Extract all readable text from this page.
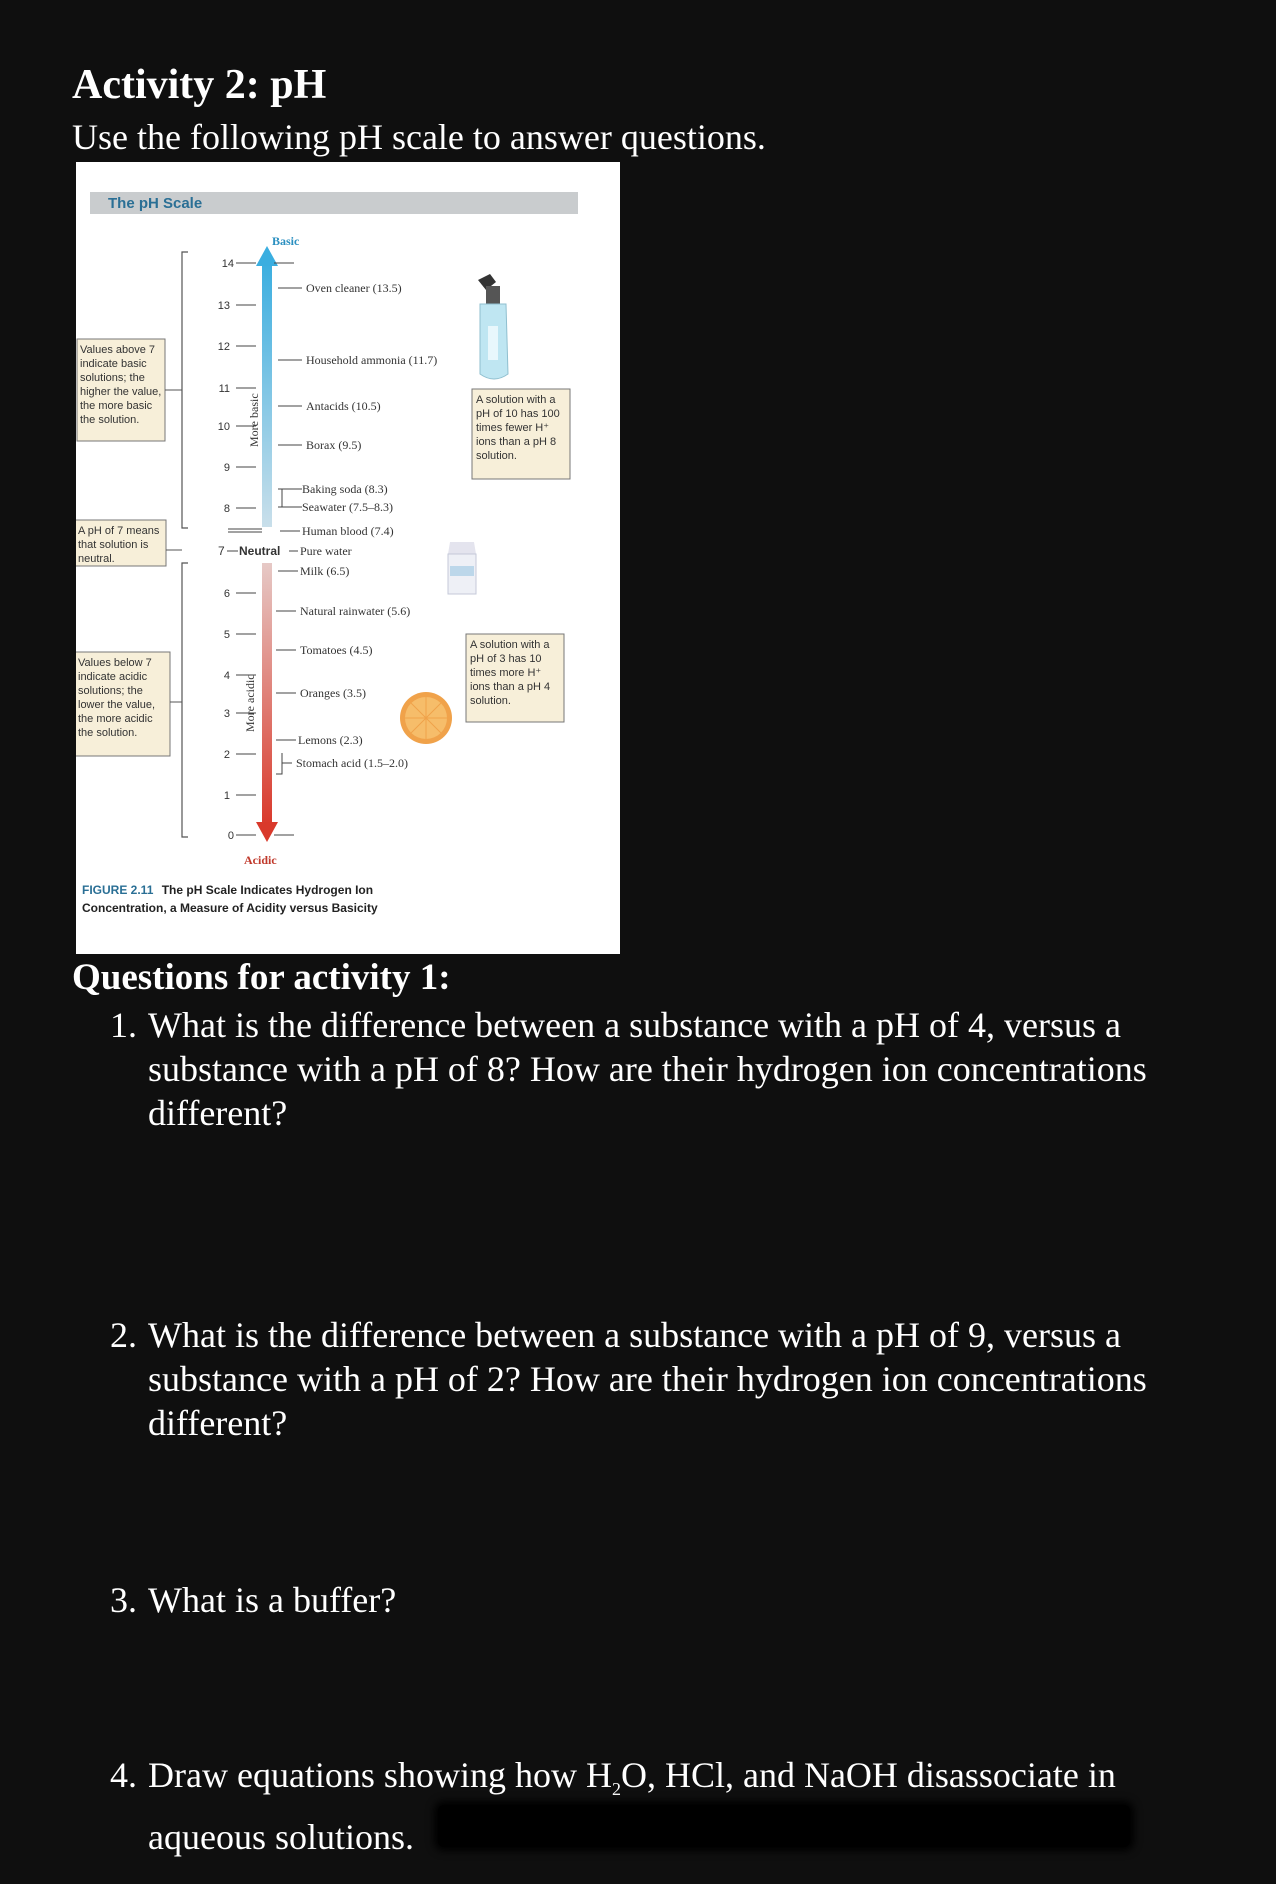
Activity 2: pH
Use the following pH scale to answer questions.
The pH Scale
Basic
More basic
More acidic
14
13
12
11
10
9
8
6
5
4
3
2
1
0
7 Neutral
Oven cleaner (13.5)
Household ammonia (11.7)
Antacids (10.5)
Borax (9.5)
Baking soda (8.3)
Seawater (7.5–8.3)
Human blood (7.4)
Pure water
Milk (6.5)
Natural rainwater (5.6)
Tomatoes (4.5)
Oranges (3.5)
Lemons (2.3)
Stomach acid (1.5–2.0)
Acidic
Values above 7
indicate basic
solutions; the
higher the value,
the more basic
the solution.
A pH of 7 means
that solution is
neutral.
Values below 7
indicate acidic
solutions; the
lower the value,
the more acidic
the solution.
A solution with a
pH of 10 has 100
times fewer H⁺
ions than a pH 8
solution.
A solution with a
pH of 3 has 10
times more H⁺
ions than a pH 4
solution.
FIGURE 2.11 The pH Scale Indicates Hydrogen Ion
Concentration, a Measure of Acidity versus Basicity
Questions for activity 1:
1. What is the difference between a substance with a pH of 4, versus a
substance with a pH of 8? How are their hydrogen ion concentrations
different?
2. What is the difference between a substance with a pH of 9, versus a
substance with a pH of 2? How are their hydrogen ion concentrations
different?
3. What is a buffer?
4. Draw equations showing how $H_2O$, HCl, and NaOH disassociate in
aqueous solutions.
